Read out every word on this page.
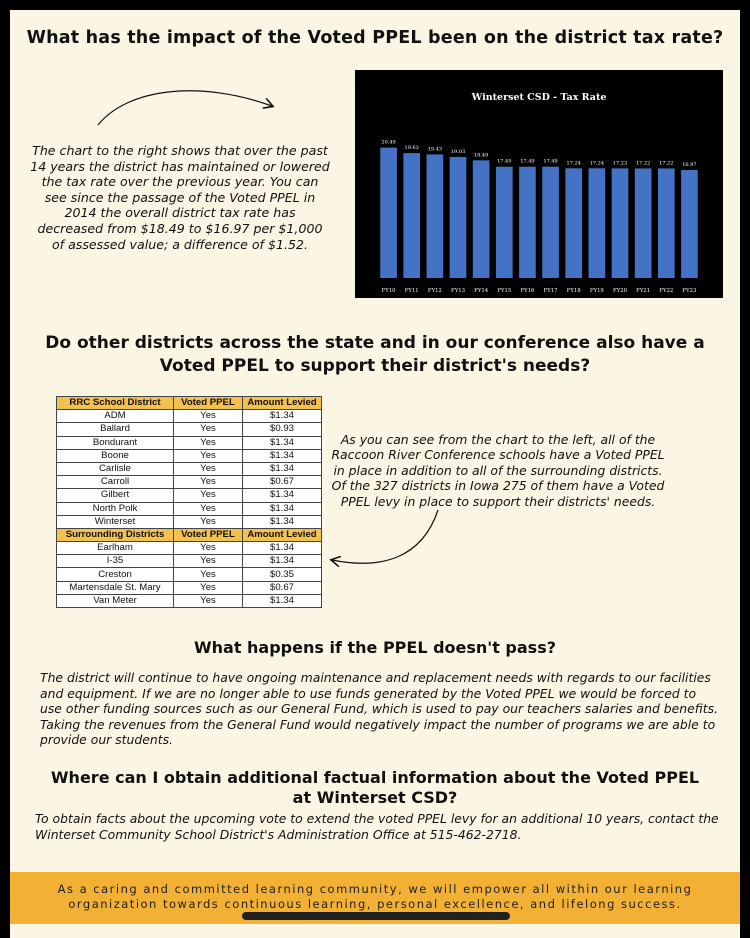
What has the impact of the Voted PPEL been on the district tax rate?
The chart to the right shows that over the past 14 years the district has maintained or lowered the tax rate over the previous year. You can see since the passage of the Voted PPEL in 2014 the overall district tax rate has decreased from $18.49 to $16.97 per $1,000 of assessed value; a difference of $1.52.
Winterset CSD - Tax Rate
20.49
FY10
19.63
FY11
19.43
FY12
19.03
FY13
18.49
FY14
17.49
FY15
17.49
FY16
17.49
FY17
17.24
FY18
17.24
FY19
17.23
FY20
17.22
FY21
17.22
FY22
16.97
FY23
Do other districts across the state and in our conference also have a Voted PPEL to support their district's needs?
RRC School District	Voted PPEL	Amount Levied
ADM	Yes	$1.34
Ballard	Yes	$0.93
Bondurant	Yes	$1.34
Boone	Yes	$1.34
Carlisle	Yes	$1.34
Carroll	Yes	$0.67
Gilbert	Yes	$1.34
North Polk	Yes	$1.34
Winterset	Yes	$1.34
Surrounding Districts	Voted PPEL	Amount Levied
Earlham	Yes	$1.34
I-35	Yes	$1.34
Creston	Yes	$0.35
Martensdale St. Mary	Yes	$0.67
Van Meter	Yes	$1.34
As you can see from the chart to the left, all of the Raccoon River Conference schools have a Voted PPEL in place in addition to all of the surrounding districts. Of the 327 districts in Iowa 275 of them have a Voted PPEL levy in place to support their districts' needs.
What happens if the PPEL doesn't pass?
The district will continue to have ongoing maintenance and replacement needs with regards to our facilities and equipment. If we are no longer able to use funds generated by the Voted PPEL we would be forced to use other funding sources such as our General Fund, which is used to pay our teachers salaries and benefits. Taking the revenues from the General Fund would negatively impact the number of programs we are able to provide our students.
Where can I obtain additional factual information about the Voted PPEL at Winterset CSD?
To obtain facts about the upcoming vote to extend the voted PPEL levy for an additional 10 years, contact the Winterset Community School District's Administration Office at 515-462-2718.
As a caring and committed learning community, we will empower all within our learning organization towards continuous learning, personal excellence, and lifelong success.
